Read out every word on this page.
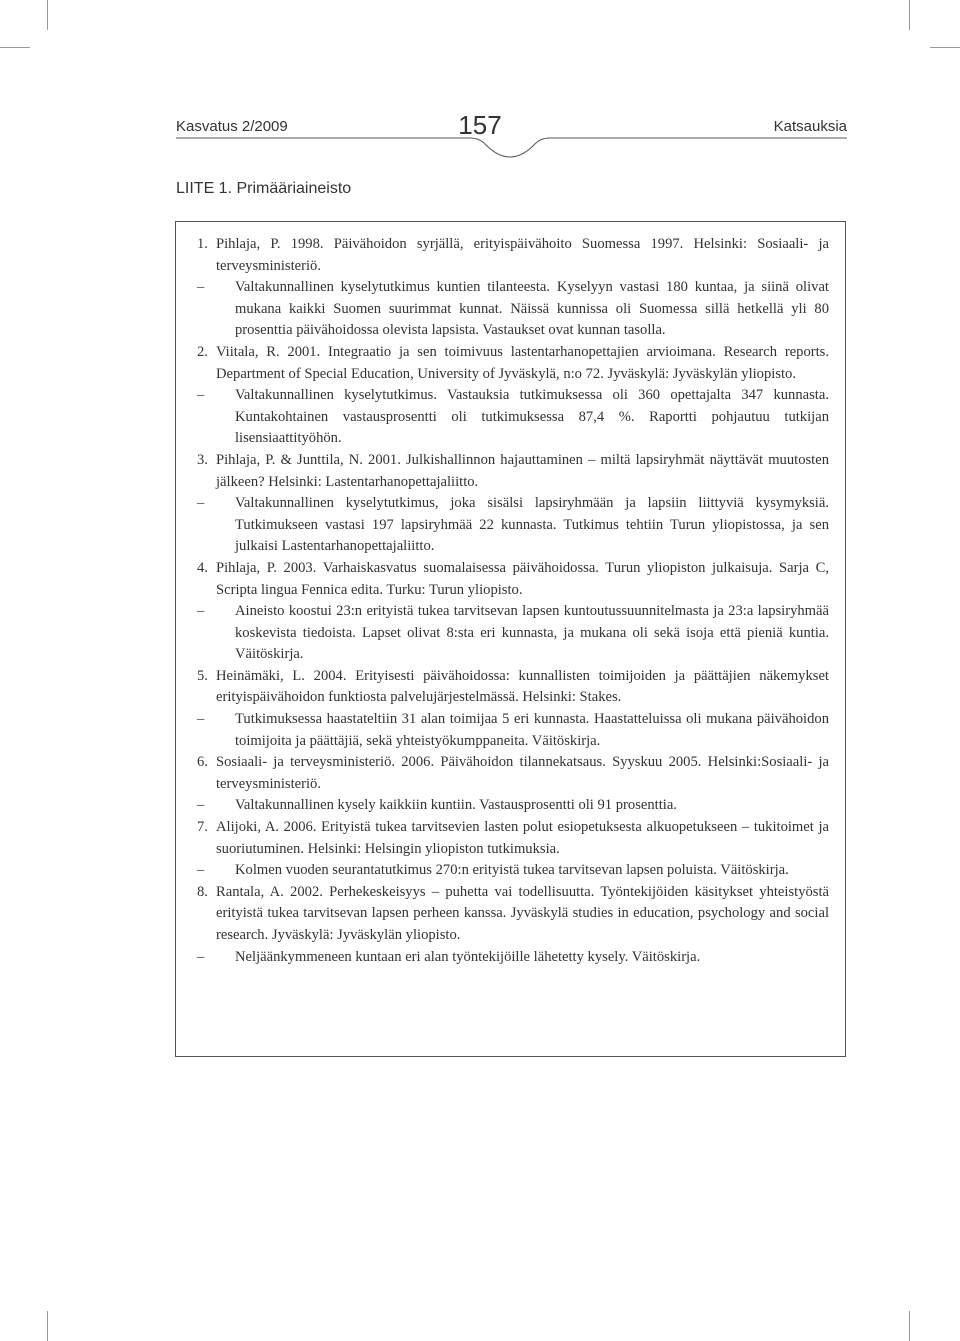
Kasvatus 2/2009	157	Katsauksia
LIITE 1. Primääriaineisto

1. Pihlaja, P. 1998. Päivähoidon syrjällä, erityispäivähoito Suomessa 1997. Helsinki: Sosiaali- ja terveysministeriö.

– Valtakunnallinen kyselytutkimus kuntien tilanteesta. Kyselyyn vastasi 180 kuntaa, ja siinä olivat mukana kaikki Suomen suurimmat kunnat. Näissä kunnissa oli Suomessa sillä hetkellä yli 80 prosenttia päivähoidossa olevista lapsista. Vastaukset ovat kunnan tasolla.

2. Viitala, R. 2001. Integraatio ja sen toimivuus lastentarhanopettajien arvioimana. Research reports. Department of Special Education, University of Jyväskylä, n:o 72. Jyväskylä: Jyväskylän yliopisto.

– Valtakunnallinen kyselytutkimus. Vastauksia tutkimuksessa oli 360 opettajalta 347 kunnasta. Kuntakohtainen vastausprosentti oli tutkimuksessa 87,4 %. Raportti pohjautuu tutkijan lisensiaattityöhön.

3. Pihlaja, P. & Junttila, N. 2001. Julkishallinnon hajauttaminen – miltä lapsiryhmät näyttävät muutosten jälkeen? Helsinki: Lastentarhanopettajaliitto.

– Valtakunnallinen kyselytutkimus, joka sisälsi lapsiryhmään ja lapsiin liittyviä kysymyksiä. Tutkimukseen vastasi 197 lapsiryhmää 22 kunnasta. Tutkimus tehtiin Turun yliopistossa, ja sen julkaisi Lastentarhanopettajaliitto.

4. Pihlaja, P. 2003. Varhaiskasvatus suomalaisessa päivähoidossa. Turun yliopiston julkaisuja. Sarja C, Scripta lingua Fennica edita. Turku: Turun yliopisto.

– Aineisto koostui 23:n erityistä tukea tarvitsevan lapsen kuntoutussuunnitelmasta ja 23:a lapsiryhmää koskevista tiedoista. Lapset olivat 8:sta eri kunnasta, ja mukana oli sekä isoja että pieniä kuntia. Väitöskirja.

5. Heinämäki, L. 2004. Erityisesti päivähoidossa: kunnallisten toimijoiden ja päättäjien näkemykset erityispäivähoidon funktiosta palvelujärjestelmässä. Helsinki: Stakes.

– Tutkimuksessa haastateltiin 31 alan toimijaa 5 eri kunnasta. Haastatteluissa oli mukana päivähoidon toimijoita ja päättäjiä, sekä yhteistyökumppaneita. Väitöskirja.

6. Sosiaali- ja terveysministeriö. 2006. Päivähoidon tilannekatsaus. Syyskuu 2005. Helsinki:Sosiaali- ja terveysministeriö.

– Valtakunnallinen kysely kaikkiin kuntiin. Vastausprosentti oli 91 prosenttia.

7. Alijoki, A. 2006. Erityistä tukea tarvitsevien lasten polut esiopetuksesta alkuopetukseen – tukitoimet ja suoriutuminen. Helsinki: Helsingin yliopiston tutkimuksia.

– Kolmen vuoden seurantatutkimus 270:n erityistä tukea tarvitsevan lapsen poluista. Väitöskirja.

8. Rantala, A. 2002. Perhekeskeisyys – puhetta vai todellisuutta. Työntekijöiden käsitykset yhteistyöstä erityistä tukea tarvitsevan lapsen perheen kanssa. Jyväskylä studies in education, psychology and social research. Jyväskylä: Jyväskylän yliopisto.

– Neljäänkymmeneen kuntaan eri alan työntekijöille lähetetty kysely. Väitöskirja.
